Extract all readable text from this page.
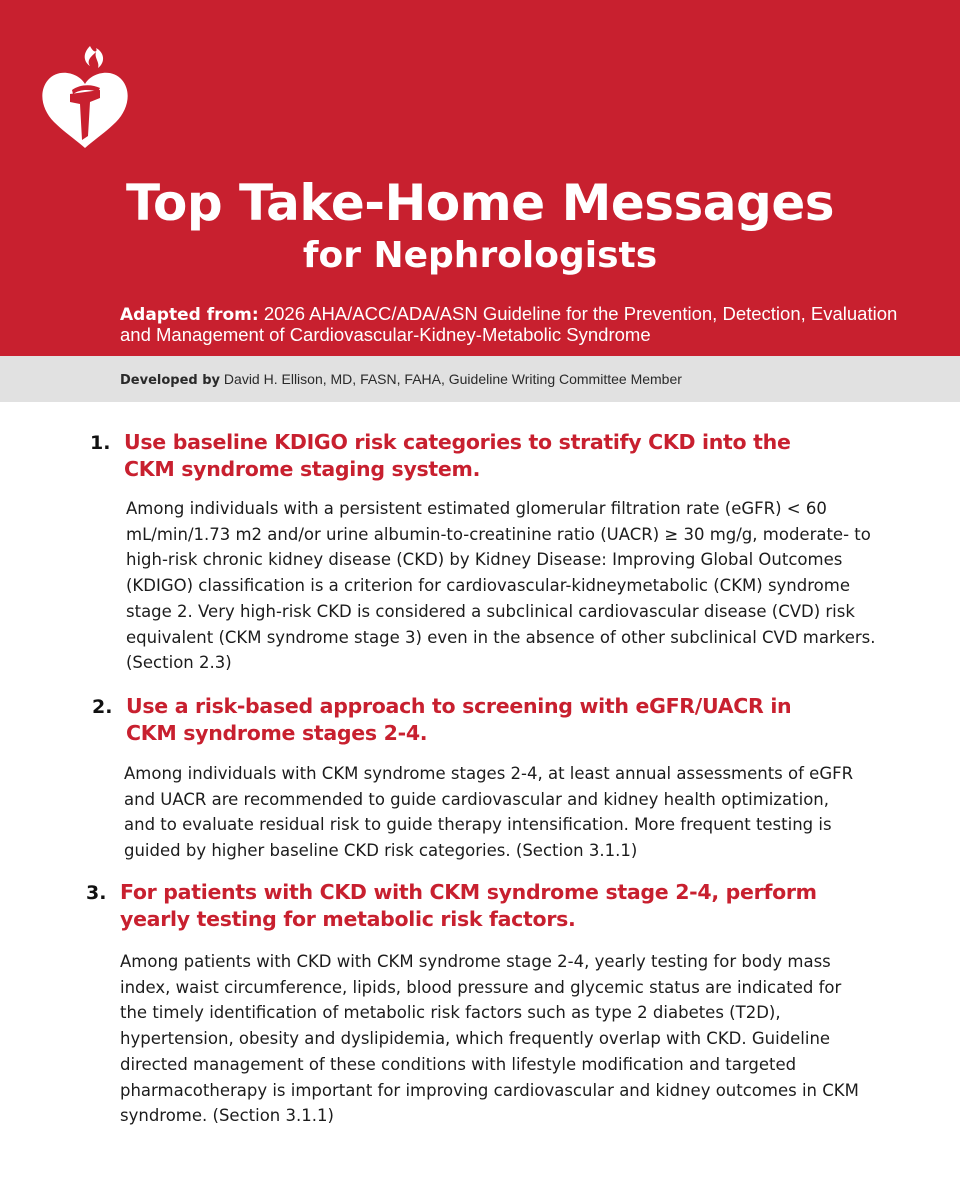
Top Take-Home Messages
for Nephrologists
Adapted from: 2026 AHA/ACC/ADA/ASN Guideline for the Prevention, Detection, Evaluation and Management of Cardiovascular-Kidney-Metabolic Syndrome
Developed by David H. Ellison, MD, FASN, FAHA, Guideline Writing Committee Member
1. Use baseline KDIGO risk categories to stratify CKD into the CKM syndrome staging system.
Among individuals with a persistent estimated glomerular filtration rate (eGFR) < 60 mL/min/1.73 m2 and/or urine albumin-to-creatinine ratio (UACR) ≥ 30 mg/g, moderate- to high-risk chronic kidney disease (CKD) by Kidney Disease: Improving Global Outcomes (KDIGO) classification is a criterion for cardiovascular-kidneymetabolic (CKM) syndrome stage 2. Very high-risk CKD is considered a subclinical cardiovascular disease (CVD) risk equivalent (CKM syndrome stage 3) even in the absence of other subclinical CVD markers. (Section 2.3)
2. Use a risk-based approach to screening with eGFR/UACR in CKM syndrome stages 2-4.
Among individuals with CKM syndrome stages 2-4, at least annual assessments of eGFR and UACR are recommended to guide cardiovascular and kidney health optimization, and to evaluate residual risk to guide therapy intensification. More frequent testing is guided by higher baseline CKD risk categories. (Section 3.1.1)
3. For patients with CKD with CKM syndrome stage 2-4, perform yearly testing for metabolic risk factors.
Among patients with CKD with CKM syndrome stage 2-4, yearly testing for body mass index, waist circumference, lipids, blood pressure and glycemic status are indicated for the timely identification of metabolic risk factors such as type 2 diabetes (T2D), hypertension, obesity and dyslipidemia, which frequently overlap with CKD. Guideline directed management of these conditions with lifestyle modification and targeted pharmacotherapy is important for improving cardiovascular and kidney outcomes in CKM syndrome. (Section 3.1.1)
